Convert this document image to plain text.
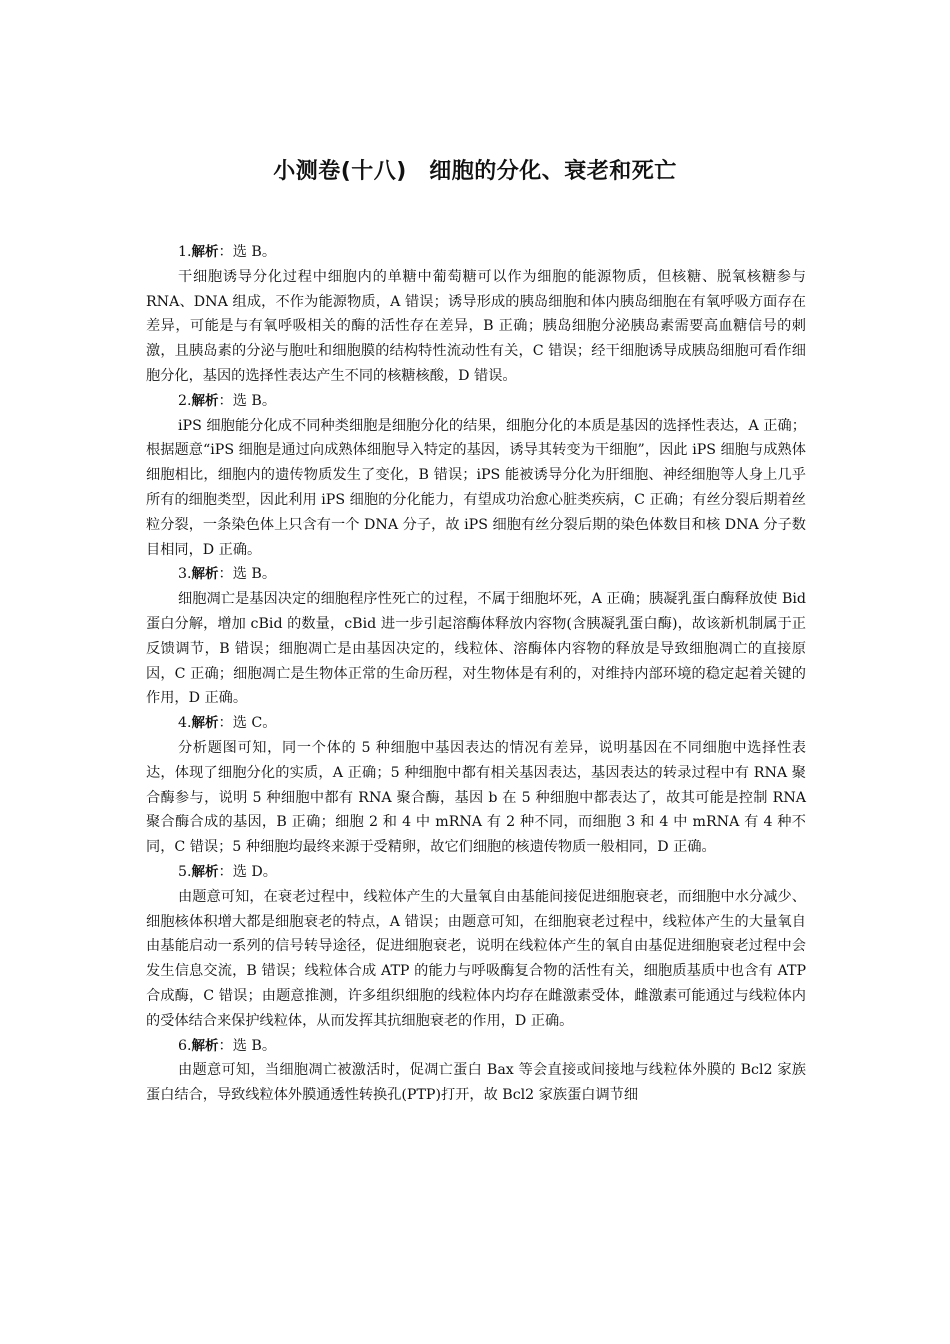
小测卷(十八)　细胞的分化、衰老和死亡

1.解析：选 B。

干细胞诱导分化过程中细胞内的单糖中葡萄糖可以作为细胞的能源物质，但核糖、脱氧核糖参与 RNA、DNA 组成，不作为能源物质，A 错误；诱导形成的胰岛细胞和体内胰岛细胞在有氧呼吸方面存在差异，可能是与有氧呼吸相关的酶的活性存在差异，B 正确；胰岛细胞分泌胰岛素需要高血糖信号的刺激，且胰岛素的分泌与胞吐和细胞膜的结构特性流动性有关，C 错误；经干细胞诱导成胰岛细胞可看作细胞分化，基因的选择性表达产生不同的核糖核酸，D 错误。

2.解析：选 B。

iPS 细胞能分化成不同种类细胞是细胞分化的结果，细胞分化的本质是基因的选择性表达，A 正确；根据题意“iPS 细胞是通过向成熟体细胞导入特定的基因，诱导其转变为干细胞”，因此 iPS 细胞与成熟体细胞相比，细胞内的遗传物质发生了变化，B 错误；iPS 能被诱导分化为肝细胞、神经细胞等人身上几乎所有的细胞类型，因此利用 iPS 细胞的分化能力，有望成功治愈心脏类疾病，C 正确；有丝分裂后期着丝粒分裂，一条染色体上只含有一个 DNA 分子，故 iPS 细胞有丝分裂后期的染色体数目和核 DNA 分子数目相同，D 正确。

3.解析：选 B。

细胞凋亡是基因决定的细胞程序性死亡的过程，不属于细胞坏死，A 正确；胰凝乳蛋白酶释放使 Bid 蛋白分解，增加 cBid 的数量，cBid 进一步引起溶酶体释放内容物(含胰凝乳蛋白酶)，故该新机制属于正反馈调节，B 错误；细胞凋亡是由基因决定的，线粒体、溶酶体内容物的释放是导致细胞凋亡的直接原因，C 正确；细胞凋亡是生物体正常的生命历程，对生物体是有利的，对维持内部环境的稳定起着关键的作用，D 正确。

4.解析：选 C。

分析题图可知，同一个体的 5 种细胞中基因表达的情况有差异，说明基因在不同细胞中选择性表达，体现了细胞分化的实质，A 正确；5 种细胞中都有相关基因表达，基因表达的转录过程中有 RNA 聚合酶参与，说明 5 种细胞中都有 RNA 聚合酶，基因 b 在 5 种细胞中都表达了，故其可能是控制 RNA 聚合酶合成的基因，B 正确；细胞 2 和 4 中 mRNA 有 2 种不同，而细胞 3 和 4 中 mRNA 有 4 种不同，C 错误；5 种细胞均最终来源于受精卵，故它们细胞的核遗传物质一般相同，D 正确。

5.解析：选 D。

由题意可知，在衰老过程中，线粒体产生的大量氧自由基能间接促进细胞衰老，而细胞中水分减少、细胞核体积增大都是细胞衰老的特点，A 错误；由题意可知，在细胞衰老过程中，线粒体产生的大量氧自由基能启动一系列的信号转导途径，促进细胞衰老，说明在线粒体产生的氧自由基促进细胞衰老过程中会发生信息交流，B 错误；线粒体合成 ATP 的能力与呼吸酶复合物的活性有关，细胞质基质中也含有 ATP 合成酶，C 错误；由题意推测，许多组织细胞的线粒体内均存在雌激素受体，雌激素可能通过与线粒体内的受体结合来保护线粒体，从而发挥其抗细胞衰老的作用，D 正确。

6.解析：选 B。

由题意可知，当细胞凋亡被激活时，促凋亡蛋白 Bax 等会直接或间接地与线粒体外膜的 Bcl2 家族蛋白结合，导致线粒体外膜通透性转换孔(PTP)打开，故 Bcl2 家族蛋白调节细
